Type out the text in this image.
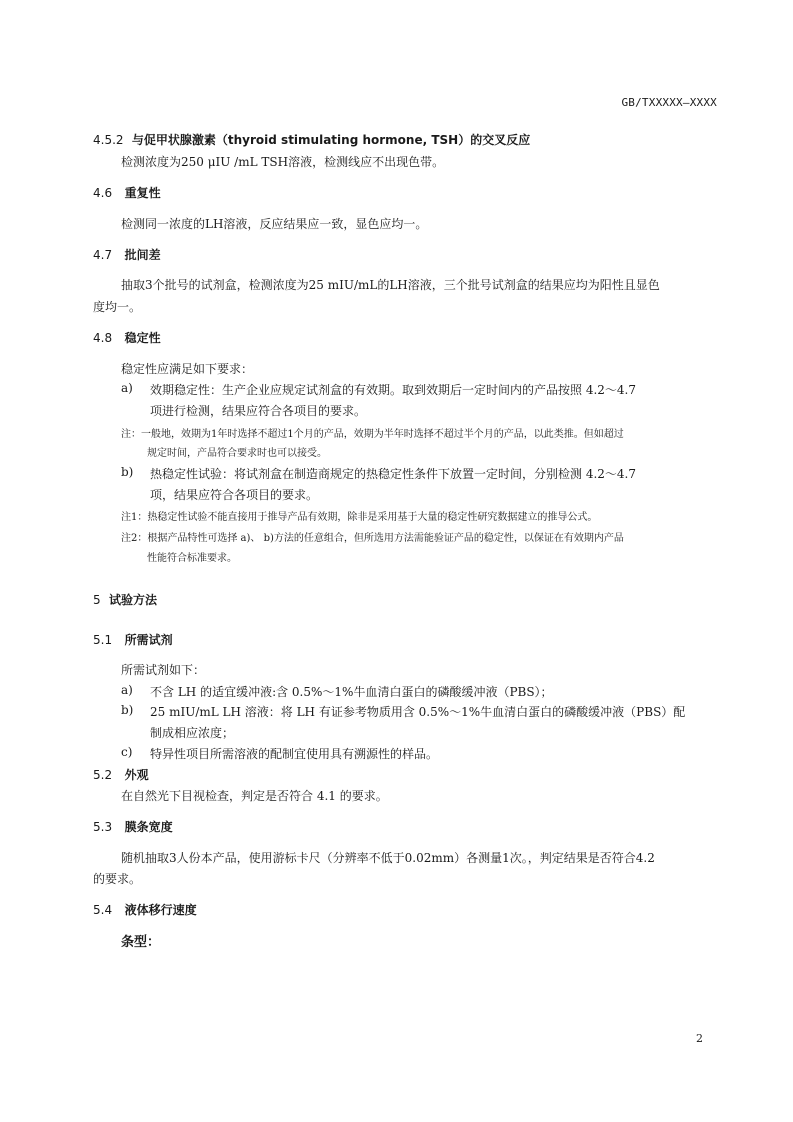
GB/TXXXXX—XXXX
4.5.2 与促甲状腺激素（thyroid stimulating hormone, TSH）的交叉反应
检测浓度为250 μIU /mL TSH溶液，检测线应不出现色带。
4.6 重复性
检测同一浓度的LH溶液，反应结果应一致，显色应均一。
4.7 批间差
抽取3个批号的试剂盒，检测浓度为25 mIU/mL的LH溶液，三个批号试剂盒的结果应均为阳性且显色
度均一。
4.8 稳定性
稳定性应满足如下要求：
a) 效期稳定性：生产企业应规定试剂盒的有效期。取到效期后一定时间内的产品按照 4.2～4.7
项进行检测，结果应符合各项目的要求。
注：一般地，效期为1年时选择不超过1个月的产品，效期为半年时选择不超过半个月的产品，以此类推。但如超过
规定时间，产品符合要求时也可以接受。
b) 热稳定性试验：将试剂盒在制造商规定的热稳定性条件下放置一定时间，分别检测 4.2～4.7
项，结果应符合各项目的要求。
注1：热稳定性试验不能直接用于推导产品有效期，除非是采用基于大量的稳定性研究数据建立的推导公式。
注2：根据产品特性可选择 a)、 b)方法的任意组合，但所选用方法需能验证产品的稳定性，以保证在有效期内产品
性能符合标准要求。
5 试验方法
5.1 所需试剂
所需试剂如下：
a) 不含 LH 的适宜缓冲液:含 0.5%～1%牛血清白蛋白的磷酸缓冲液（PBS）；
b) 25 mIU/mL LH 溶液：将 LH 有证参考物质用含 0.5%～1%牛血清白蛋白的磷酸缓冲液（PBS）配
制成相应浓度；
c) 特异性项目所需溶液的配制宜使用具有溯源性的样品。
5.2 外观
在自然光下目视检查，判定是否符合 4.1 的要求。
5.3 膜条宽度
随机抽取3人份本产品，使用游标卡尺（分辨率不低于0.02mm）各测量1次。，判定结果是否符合4.2
的要求。
5.4 液体移行速度
条型：
2
